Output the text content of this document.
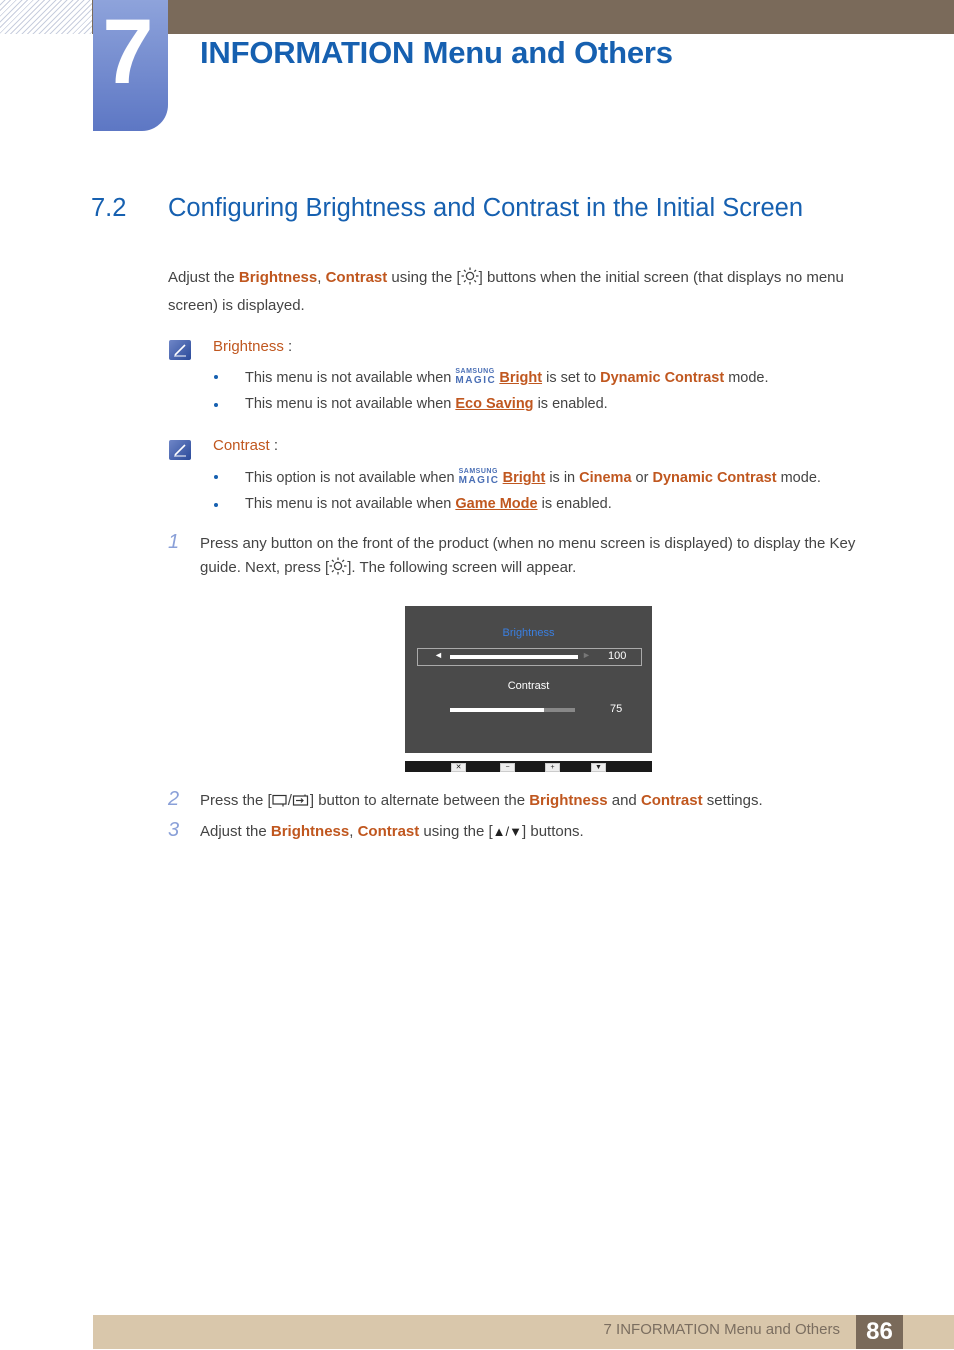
7	INFORMATION Menu and Others
7.2 Configuring Brightness and Contrast in the Initial Screen

Adjust the Brightness, Contrast using the [ ] buttons when the initial screen (that displays no menu screen) is displayed.

Brightness :

This menu is not available when SAMSUNG
MAGIC Bright is set to Dynamic Contrast mode.
This menu is not available when Eco Saving is enabled.

Contrast :

This option is not available when SAMSUNG
MAGIC Bright is in Cinema or Dynamic Contrast mode.
This menu is not available when Game Mode is enabled.
1 Press any button on the front of the product (when no menu screen is displayed) to display the Key guide. Next, press [ ]. The following screen will appear.

Brightness
◄	► 100
Contrast
75
✕	−	+	▼
2 Press the [ / ] button to alternate between the Brightness and Contrast settings.

3 Adjust the Brightness, Contrast using the [▲/▼] buttons.

7 INFORMATION Menu and Others	86
